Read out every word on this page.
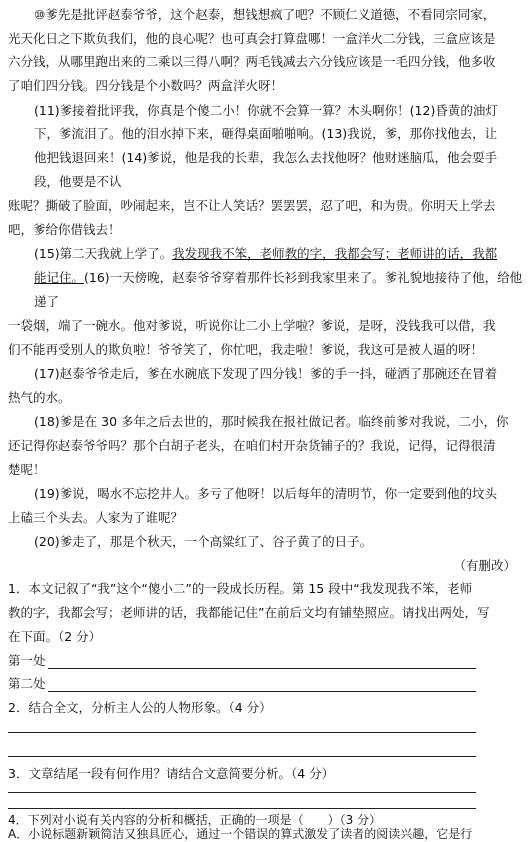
⑩爹先是批评赵泰爷爷，这个赵泰，想钱想疯了吧？不顾仁义道德，不看同宗同家，
光天化日之下欺负我们，他的良心呢？也可真会打算盘哪！一盒洋火二分钱，三盒应该是
六分钱，从哪里跑出来的二乘以三得八啊？两毛钱减去六分钱应该是一毛四分钱，他多收
了咱们四分钱。四分钱是个小数吗？两盒洋火呀！
(11)爹接着批评我，你真是个傻二小！你就不会算一算？木头啊你！(12)昏黄的油灯
下，爹流泪了。他的泪水掉下来，砸得桌面啪啪响。(13)我说，爹，那你找他去，让
他把钱退回来！(14)爹说，他是我的长辈，我怎么去找他呀？他财迷脑瓜，他会耍手
段，他要是不认
账呢？撕破了脸面，吵闹起来，岂不让人笑话？罢罢罢，忍了吧，和为贵。你明天上学去
吧，爹给你借钱去！
(15)第二天我就上学了。我发现我不笨，老师教的字，我都会写；老师讲的话，我都
能记住。(16)一天傍晚，赵泰爷爷穿着那件长衫到我家里来了。爹礼貌地接待了他，给他
递了
一袋烟，端了一碗水。他对爹说，听说你让二小上学啦？爹说，是呀，没钱我可以借，我
们不能再受别人的欺负啦！爷爷笑了，你忙吧，我走啦！爹说，我这可是被人逼的呀！
(17)赵泰爷爷走后，爹在水碗底下发现了四分钱！爹的手一抖，碰洒了那碗还在冒着
热气的水。
(18)爹是在 30 多年之后去世的，那时候我在报社做记者。临终前爹对我说，二小，你
还记得你赵泰爷爷吗？那个白胡子老头，在咱们村开杂货铺子的？我说，记得，记得很清
楚呢！
(19)爹说，喝水不忘挖井人。多亏了他呀！以后每年的清明节，你一定要到他的坟头
上磕三个头去。人家为了谁呢？
(20)爹走了，那是个秋天，一个高粱红了、谷子黄了的日子。
（有删改）
1．本文记叙了“我”这个“傻小二”的一段成长历程。第 15 段中“我发现我不笨，老师
教的字，我都会写；老师讲的话，我都能记住”在前后文均有铺垫照应。请找出两处，写
在下面。（2 分）
第一处
第二处
2．结合全文，分析主人公的人物形象。（4 分）
3．文章结尾一段有何作用？请结合文意简要分析。（4 分）
4．下列对小说有关内容的分析和概括，正确的一项是（　　）（3 分）
A．小说标题新颖简洁又独具匠心，通过一个错误的算式激发了读者的阅读兴趣，它是行
